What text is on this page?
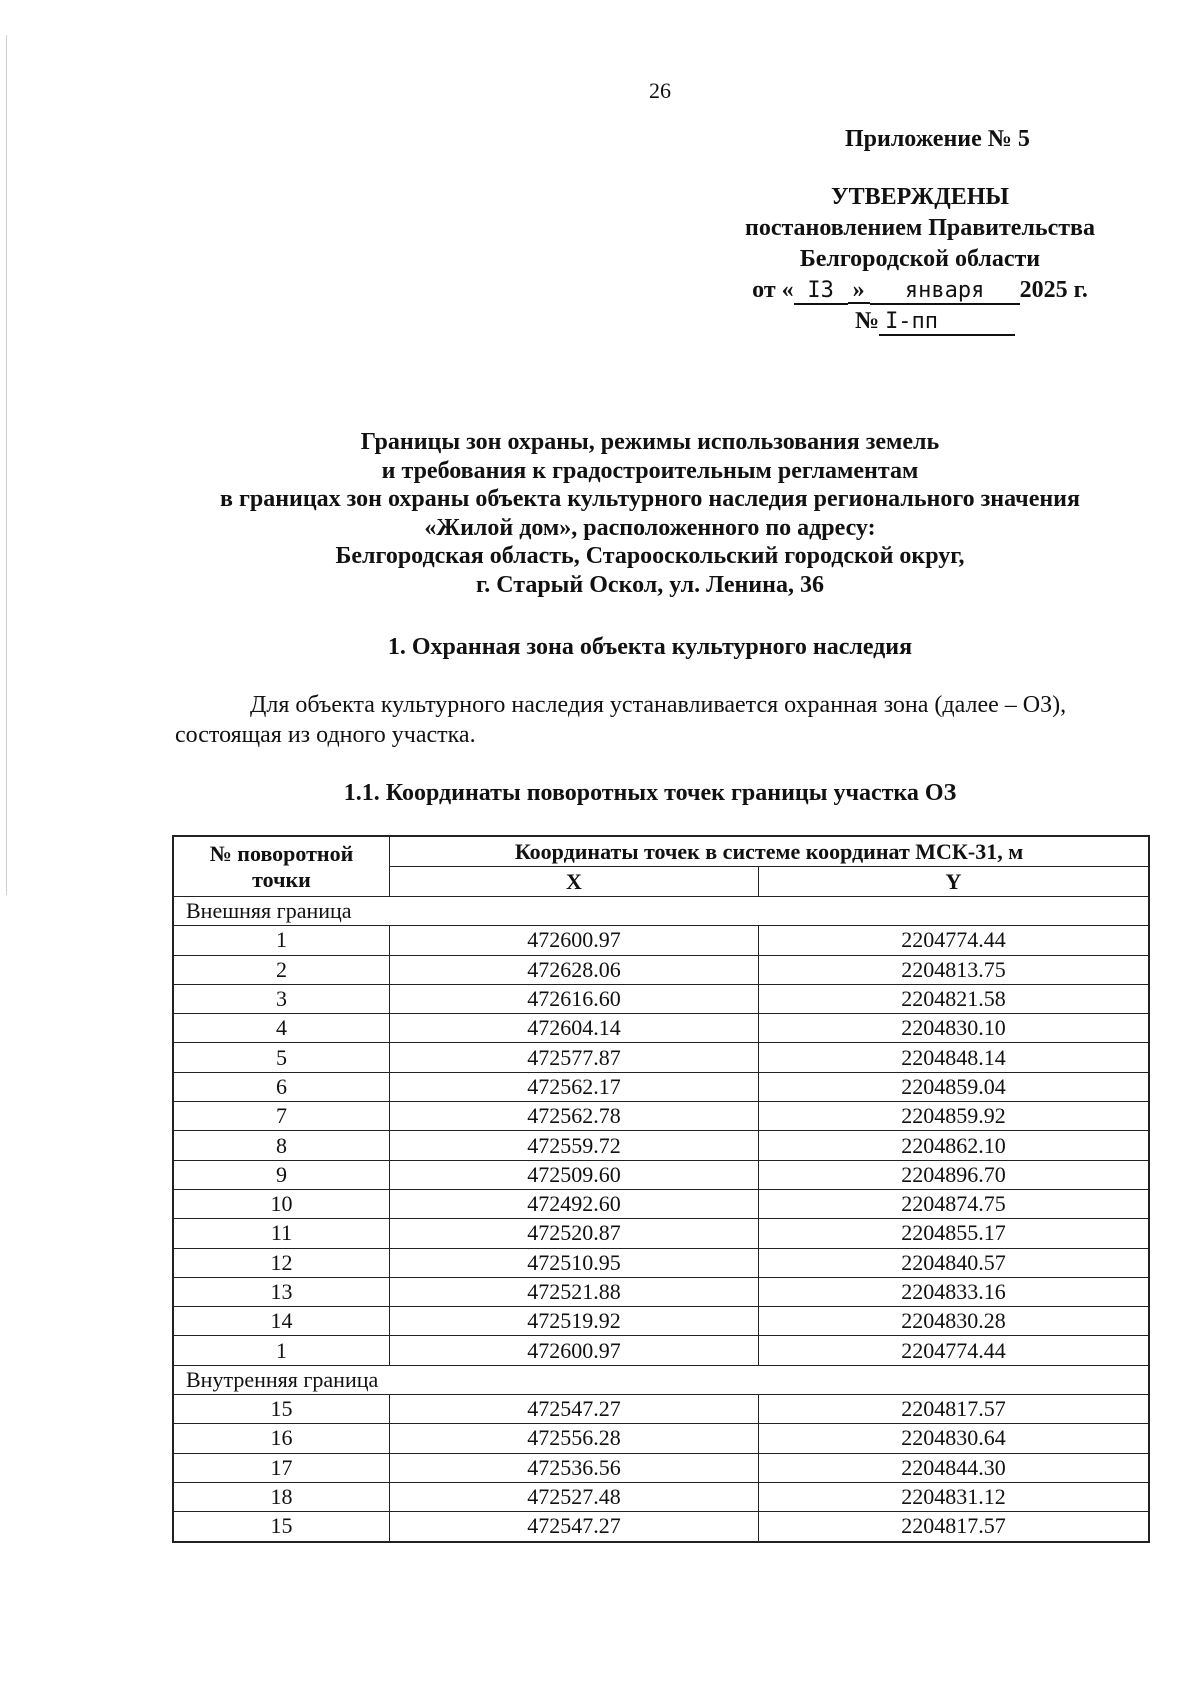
26
Приложение № 5
УТВЕРЖДЕНЫ
постановлением Правительства
Белгородской области
от « I3 » января 2025 г.
№ I-пп
Границы зон охраны, режимы использования земель
и требования к градостроительным регламентам
в границах зон охраны объекта культурного наследия регионального значения
«Жилой дом», расположенного по адресу:
Белгородская область, Старооскольский городской округ,
г. Старый Оскол, ул. Ленина, 36
1. Охранная зона объекта культурного наследия
Для объекта культурного наследия устанавливается охранная зона (далее – ОЗ), состоящая из одного участка.
1.1. Координаты поворотных точек границы участка ОЗ
№ поворотной
точки	Координаты точек в системе координат МСК-31, м	
	X	Y
Внешняя граница		
1	472600.97	2204774.44
2	472628.06	2204813.75
3	472616.60	2204821.58
4	472604.14	2204830.10
5	472577.87	2204848.14
6	472562.17	2204859.04
7	472562.78	2204859.92
8	472559.72	2204862.10
9	472509.60	2204896.70
10	472492.60	2204874.75
11	472520.87	2204855.17
12	472510.95	2204840.57
13	472521.88	2204833.16
14	472519.92	2204830.28
1	472600.97	2204774.44
Внутренняя граница		
15	472547.27	2204817.57
16	472556.28	2204830.64
17	472536.56	2204844.30
18	472527.48	2204831.12
15	472547.27	2204817.57
